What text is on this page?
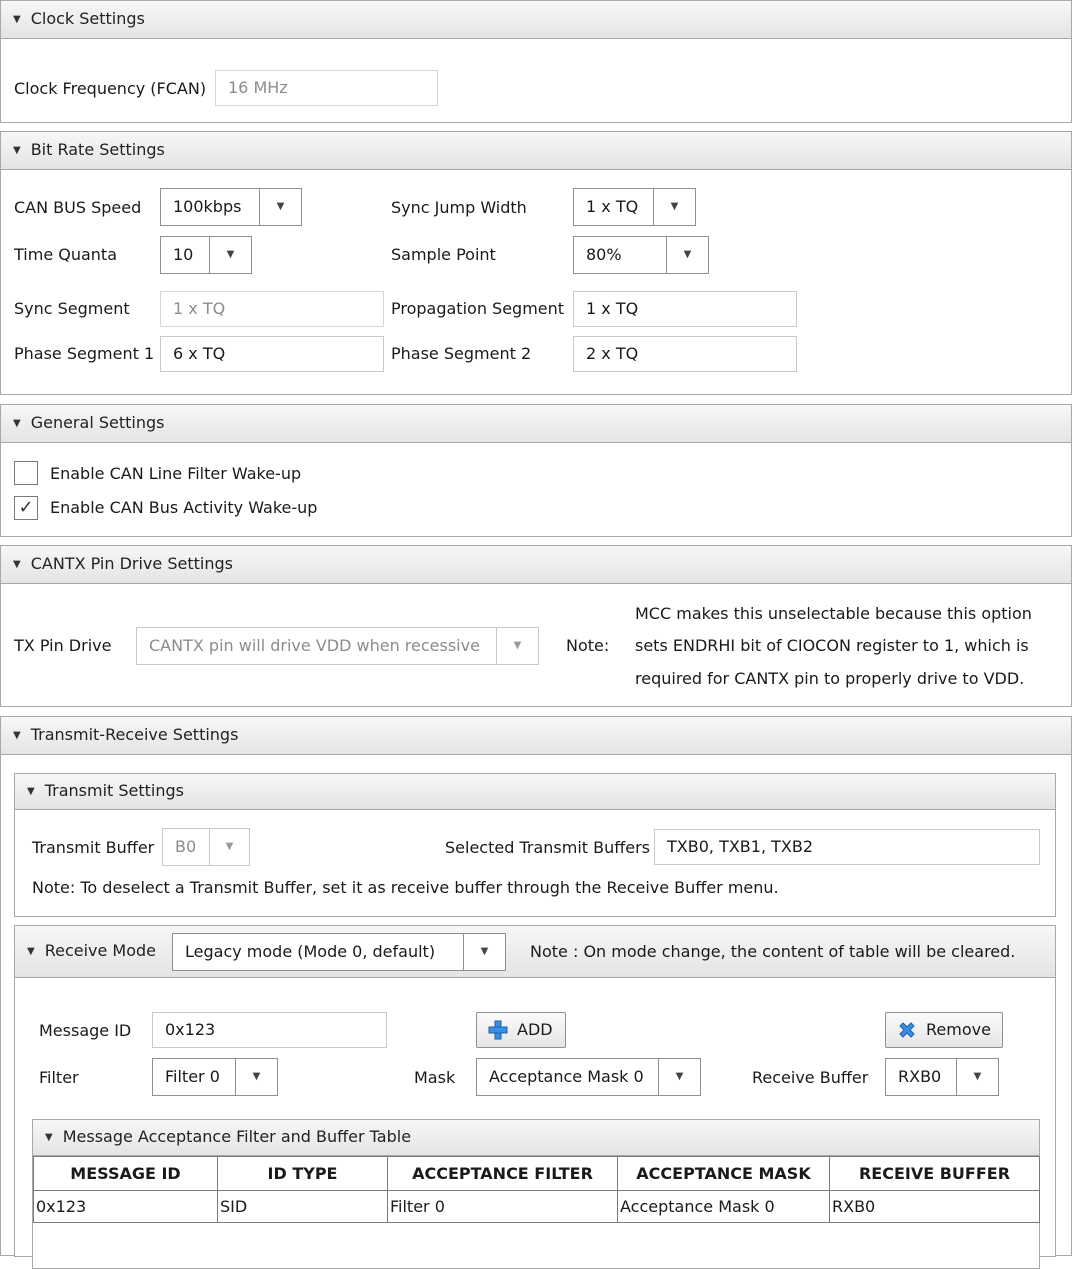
▼ Clock Settings
Clock Frequency (FCAN)	16 MHz
▼ Bit Rate Settings
CAN BUS Speed 100kbps	▼	Sync Jump Width	1 x TQ	▼
Time Quanta	10	▼	Sample Point	80%	▼
Sync Segment	1 x TQ	Propagation Segment	1 x TQ
Phase Segment 1	6 x TQ	Phase Segment 2	2 x TQ
▼ General Settings
Enable CAN Line Filter Wake-up
✓ Enable CAN Bus Activity Wake-up
▼ CANTX Pin Drive Settings
TX Pin Drive CANTX pin will drive VDD when recessive	▼	Note:
MCC makes this unselectable because this option
sets ENDRHI bit of CIOCON register to 1, which is
required for CANTX pin to properly drive to VDD.
▼ Transmit-Receive Settings
▼ Transmit Settings
Transmit Buffer B0	▼	Selected Transmit Buffers	TXB0, TXB1, TXB2
Note: To deselect a Transmit Buffer, set it as receive buffer through the Receive Buffer menu.
▼ Receive Mode	Legacy mode (Mode 0, default)	▼	Note : On mode change, the content of table will be cleared.
Message ID	0x123	ADD	Remove
Filter	Filter 0	▼	Mask Acceptance Mask 0	▼	Receive Buffer RXB0	▼
▼ Message Acceptance Filter and Buffer Table
MESSAGE ID	ID TYPE	ACCEPTANCE FILTER	ACCEPTANCE MASK	RECEIVE BUFFER
0x123	SID	Filter 0	Acceptance Mask 0	RXB0
